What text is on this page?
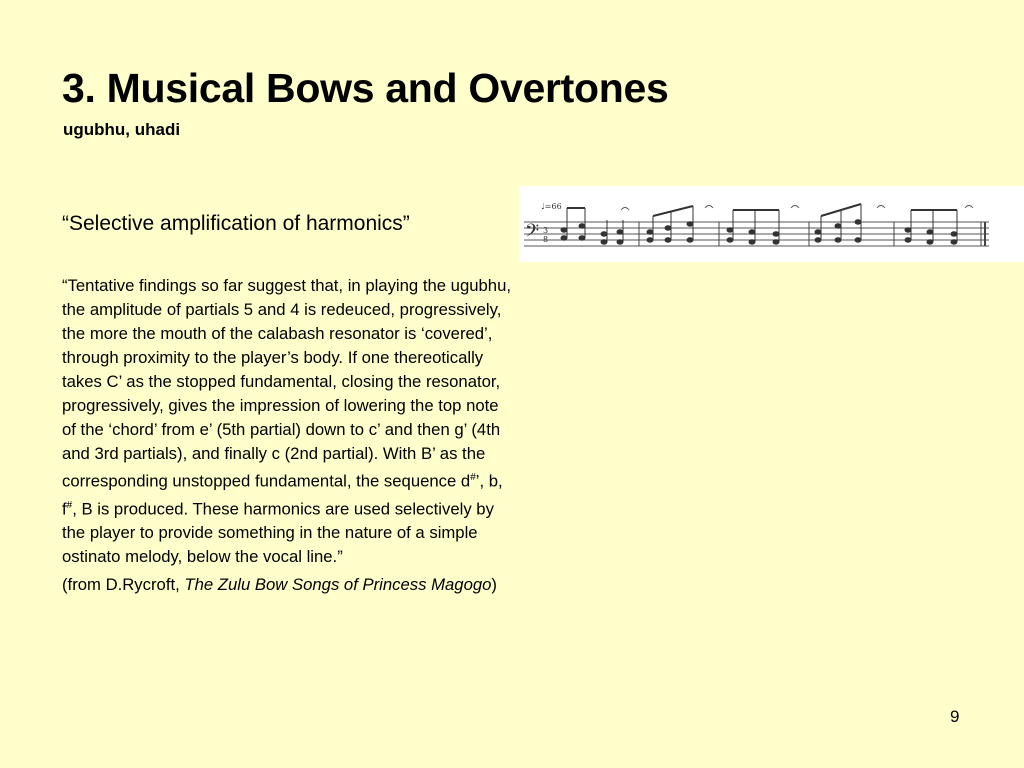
3. Musical Bows and Overtones
ugubhu, uhadi

“Selective amplification of harmonics”

“Tentative findings so far suggest that, in playing the ugubhu, the amplitude of partials 5 and 4 is redeuced, progressively, the more the mouth of the calabash resonator is ‘covered’, through proximity to the player’s body. If one thereotically takes C’ as the stopped fundamental, closing the resonator, progressively, gives the impression of lowering the top note of the ‘chord’ from e’ (5th partial) down to c’ and then g’ (4th and 3rd partials), and finally c (2nd partial). With B’ as the corresponding unstopped fundamental, the sequence d#’, b, f#, B is produced. These harmonics are used selectively by the player to provide something in the nature of a simple ostinato melody, below the vocal line.”

(from D.Rycroft, The Zulu Bow Songs of Princess Magogo)

𝄢
♩=66
3
8
9
